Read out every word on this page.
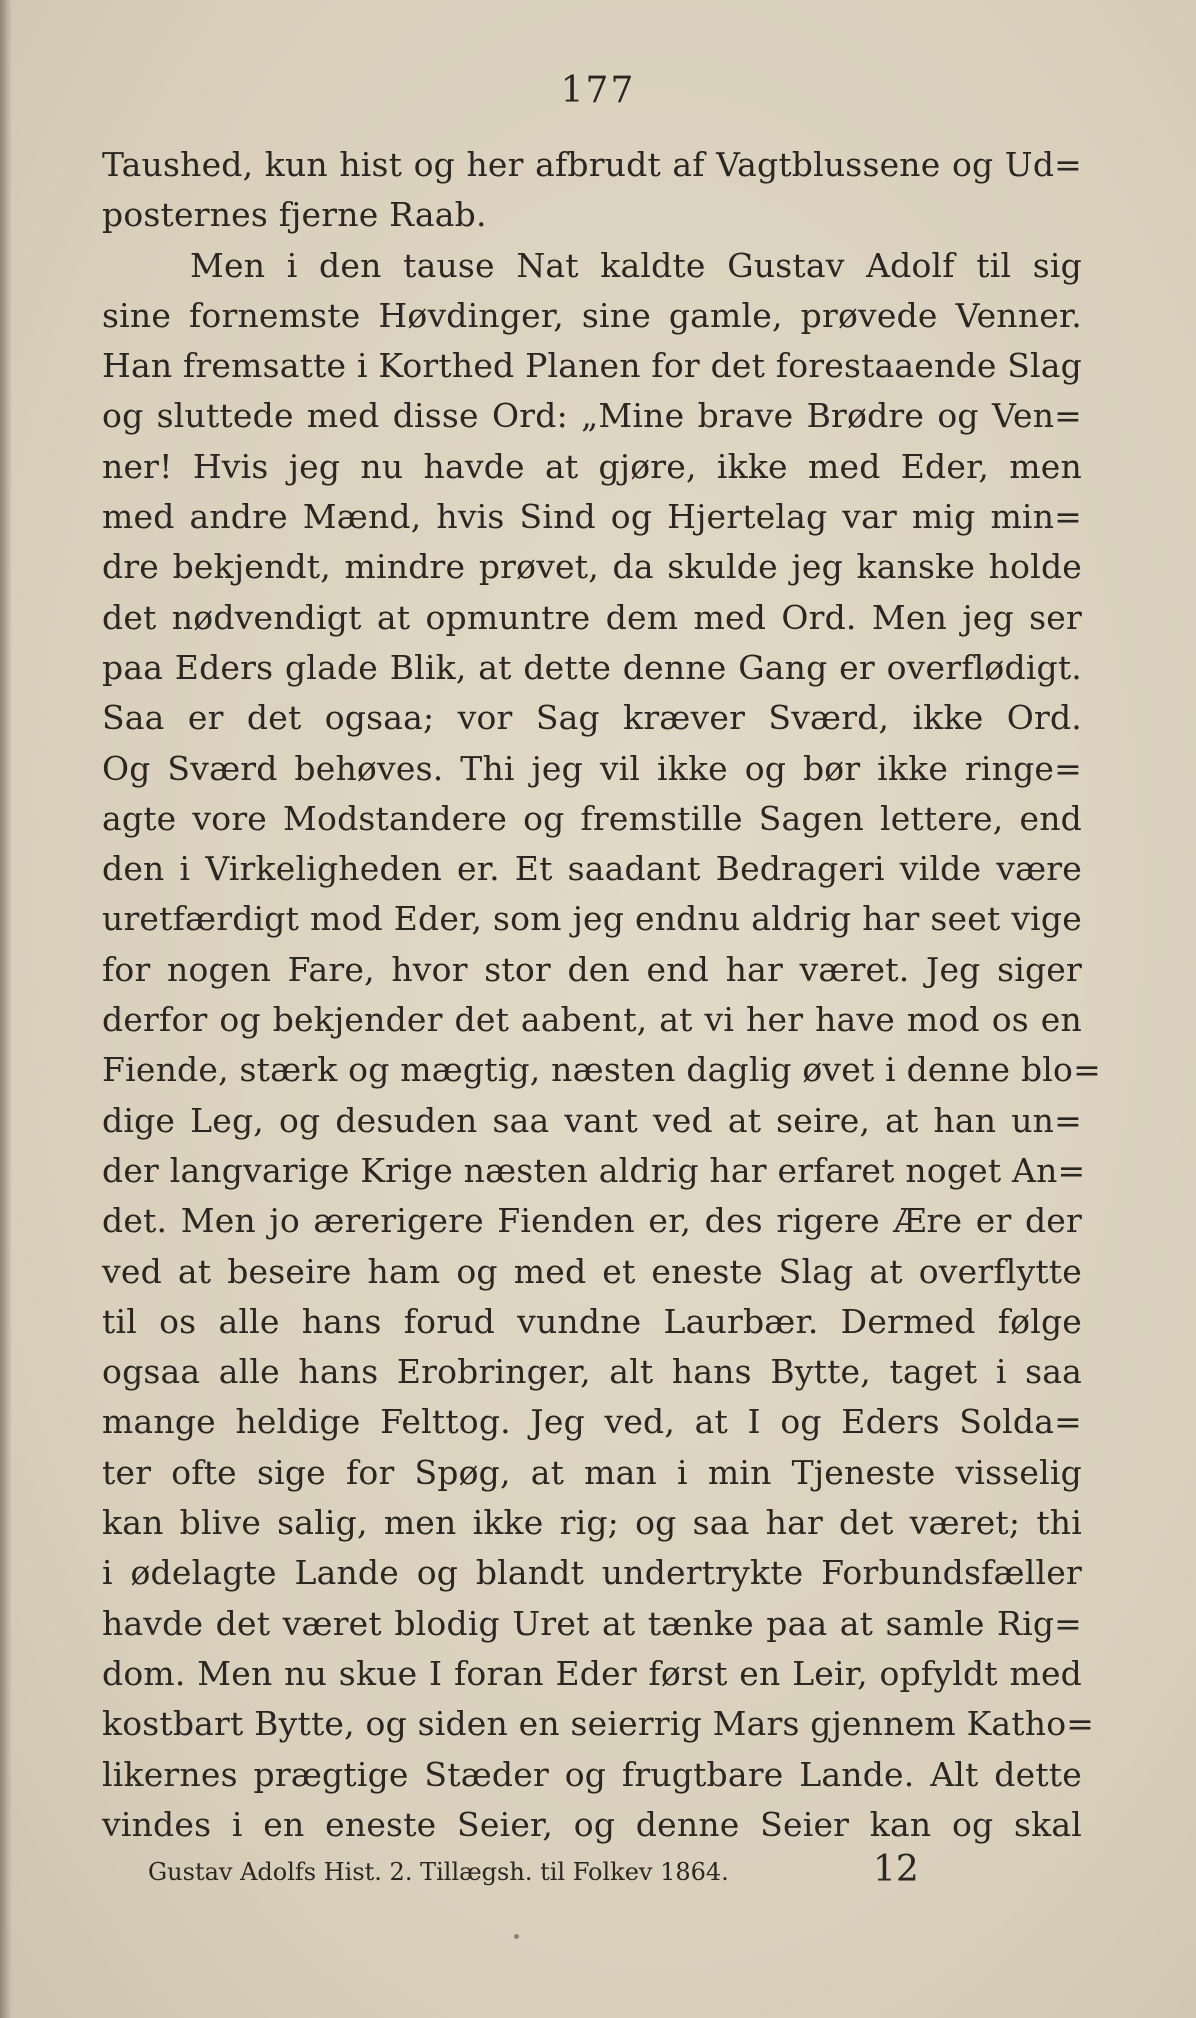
177
Taushed, kun hist og her afbrudt af Vagtblussene og Ud=
posternes fjerne Raab.
Men i den tause Nat kaldte Gustav Adolf til sig
sine fornemste Høvdinger, sine gamle, prøvede Venner.
Han fremsatte i Korthed Planen for det forestaaende Slag
og sluttede med disse Ord: „Mine brave Brødre og Ven=
ner! Hvis jeg nu havde at gjøre, ikke med Eder, men
med andre Mænd, hvis Sind og Hjertelag var mig min=
dre bekjendt, mindre prøvet, da skulde jeg kanske holde
det nødvendigt at opmuntre dem med Ord. Men jeg ser
paa Eders glade Blik, at dette denne Gang er overflødigt.
Saa er det ogsaa; vor Sag kræver Sværd, ikke Ord.
Og Sværd behøves. Thi jeg vil ikke og bør ikke ringe=
agte vore Modstandere og fremstille Sagen lettere, end
den i Virkeligheden er. Et saadant Bedrageri vilde være
uretfærdigt mod Eder, som jeg endnu aldrig har seet vige
for nogen Fare, hvor stor den end har været. Jeg siger
derfor og bekjender det aabent, at vi her have mod os en
Fiende, stærk og mægtig, næsten daglig øvet i denne blo=
dige Leg, og desuden saa vant ved at seire, at han un=
der langvarige Krige næsten aldrig har erfaret noget An=
det. Men jo ærerigere Fienden er, des rigere Ære er der
ved at beseire ham og med et eneste Slag at overflytte
til os alle hans forud vundne Laurbær. Dermed følge
ogsaa alle hans Erobringer, alt hans Bytte, taget i saa
mange heldige Felttog. Jeg ved, at I og Eders Solda=
ter ofte sige for Spøg, at man i min Tjeneste visselig
kan blive salig, men ikke rig; og saa har det været; thi
i ødelagte Lande og blandt undertrykte Forbundsfæller
havde det været blodig Uret at tænke paa at samle Rig=
dom. Men nu skue I foran Eder først en Leir, opfyldt med
kostbart Bytte, og siden en seierrig Mars gjennem Katho=
likernes prægtige Stæder og frugtbare Lande. Alt dette
vindes i en eneste Seier, og denne Seier kan og skal
Gustav Adolfs Hist. 2. Tillægsh. til Folkev 1864.	12
